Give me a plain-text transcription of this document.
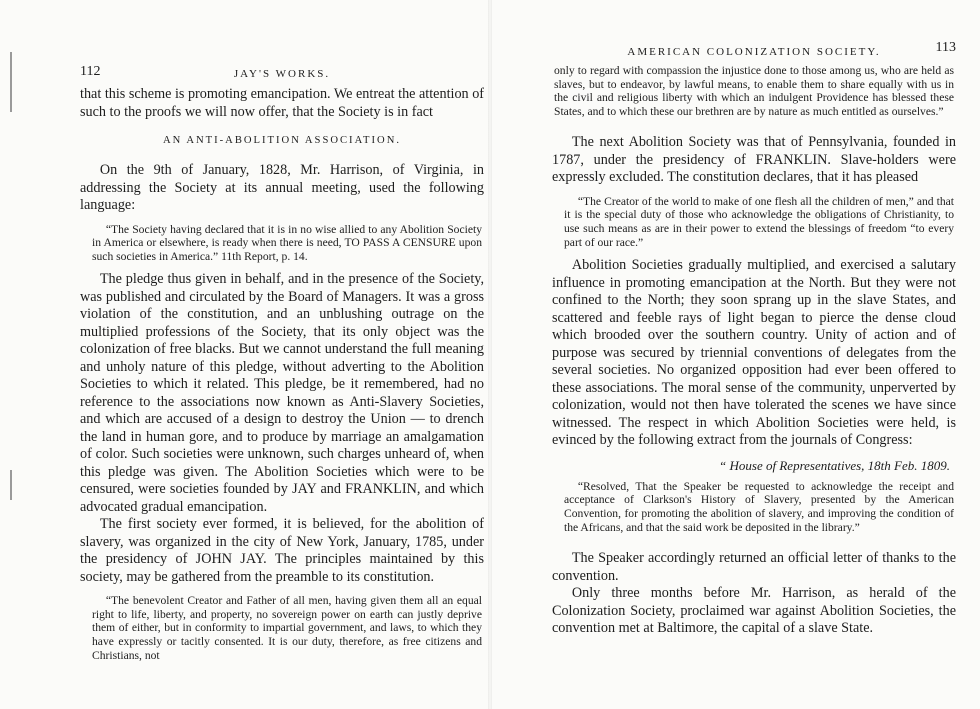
112	JAY'S WORKS.

that this scheme is promoting emancipation. We entreat the attention of such to the proofs we will now offer, that the Society is in fact

AN ANTI-ABOLITION ASSOCIATION.

On the 9th of January, 1828, Mr. Harrison, of Virginia, in addressing the Society at its annual meeting, used the following language:

“The Society having declared that it is in no wise allied to any Abolition Society in America or elsewhere, is ready when there is need, TO PASS A CENSURE upon such societies in America.” 11th Report, p. 14.

The pledge thus given in behalf, and in the presence of the Society, was published and circulated by the Board of Managers. It was a gross violation of the constitution, and an unblushing outrage on the multiplied professions of the Society, that its only object was the colonization of free blacks. But we cannot understand the full meaning and unholy nature of this pledge, without adverting to the Abolition Societies to which it related. This pledge, be it remembered, had no reference to the associations now known as Anti-Slavery Societies, and which are accused of a design to destroy the Union — to drench the land in human gore, and to produce by marriage an amalgamation of color. Such societies were unknown, such charges unheard of, when this pledge was given. The Abolition Societies which were to be censured, were societies founded by JAY and FRANKLIN, and which advocated gradual emancipation.

The first society ever formed, it is believed, for the abolition of slavery, was organized in the city of New York, January, 1785, under the presidency of JOHN JAY. The principles maintained by this society, may be gathered from the preamble to its constitution.

“The benevolent Creator and Father of all men, having given them all an equal right to life, liberty, and property, no sovereign power on earth can justly deprive them of either, but in conformity to impartial government, and laws, to which they have expressly or tacitly consented. It is our duty, therefore, as free citizens and Christians, not

AMERICAN COLONIZATION SOCIETY.	113

only to regard with compassion the injustice done to those among us, who are held as slaves, but to endeavor, by lawful means, to enable them to share equally with us in the civil and religious liberty with which an indulgent Providence has blessed these States, and to which these our brethren are by nature as much entitled as ourselves.”

The next Abolition Society was that of Pennsylvania, founded in 1787, under the presidency of FRANKLIN. Slave-holders were expressly excluded. The constitution declares, that it has pleased

“The Creator of the world to make of one flesh all the children of men,” and that it is the special duty of those who acknowledge the obligations of Christianity, to use such means as are in their power to extend the blessings of freedom “to every part of our race.”

Abolition Societies gradually multiplied, and exercised a salutary influence in promoting emancipation at the North. But they were not confined to the North; they soon sprang up in the slave States, and scattered and feeble rays of light began to pierce the dense cloud which brooded over the southern country. Unity of action and of purpose was secured by triennial conventions of delegates from the several societies. No organized opposition had ever been offered to these associations. The moral sense of the community, unperverted by colonization, would not then have tolerated the scenes we have since witnessed. The respect in which Abolition Societies were held, is evinced by the following extract from the journals of Congress:

“ House of Representatives, 18th Feb. 1809.

“Resolved, That the Speaker be requested to acknowledge the receipt and acceptance of Clarkson's History of Slavery, presented by the American Convention, for promoting the abolition of slavery, and improving the condition of the Africans, and that the said work be deposited in the library.”

The Speaker accordingly returned an official letter of thanks to the convention.

Only three months before Mr. Harrison, as herald of the Colonization Society, proclaimed war against Abolition Societies, the convention met at Baltimore, the capital of a slave State.
